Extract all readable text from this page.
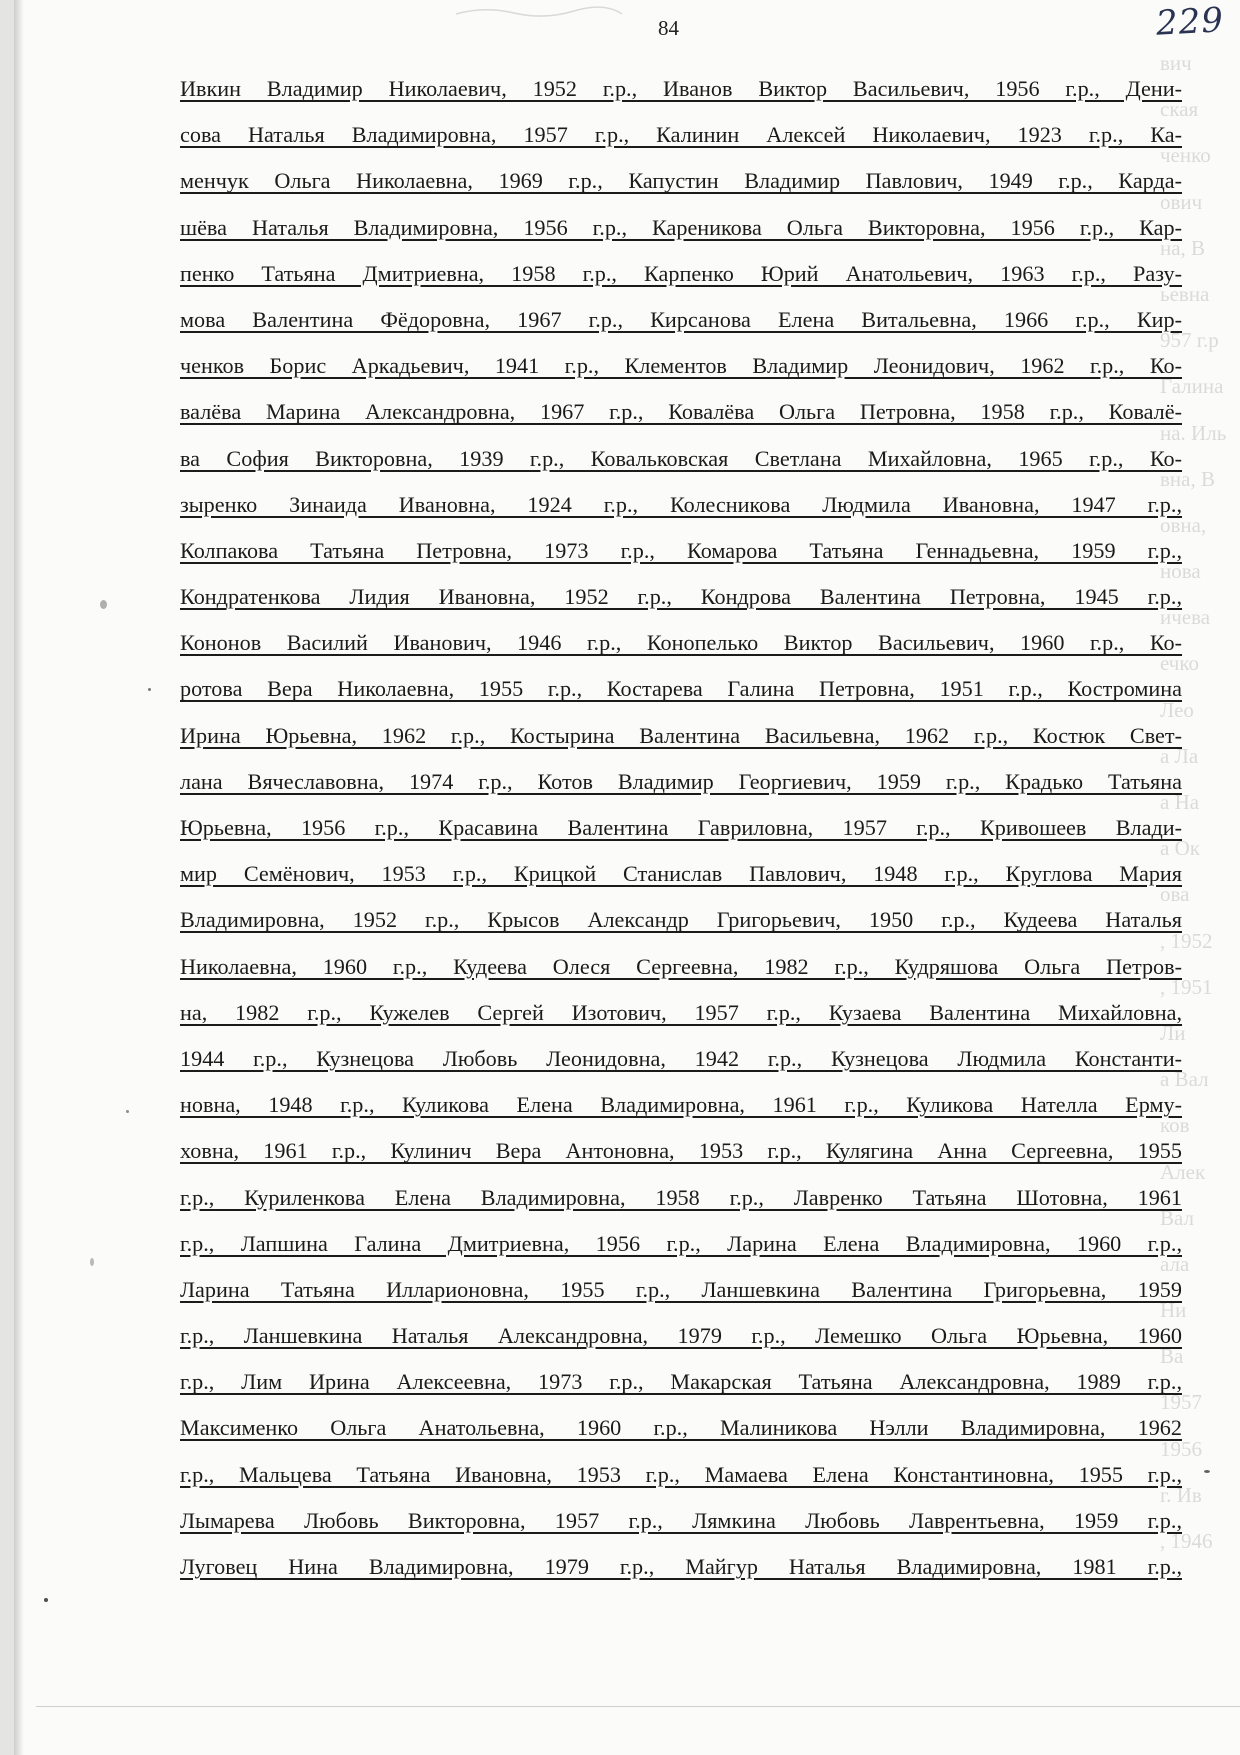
84	229
вич
ская
ченко
ович
на, В
ьевна
957 г.р
Галина
на. Иль
вна, В
овна,
нова
ичева
ечко
Лео
а Ла
а На
а Ок
ова
, 1952
, 1951
Ли
а Вал
ков
Алек
Вал
ала
Ни
Ва
1957
1956
г. Ив
, 1946
Ивкин Владимир Николаевич, 1952 г.р., Иванов Виктор Васильевич, 1956 г.р., Дени-
сова Наталья Владимировна, 1957 г.р., Калинин Алексей Николаевич, 1923 г.р., Ка-
менчук Ольга Николаевна, 1969 г.р., Капустин Владимир Павлович, 1949 г.р., Карда-
шёва Наталья Владимировна, 1956 г.р., Кареникова Ольга Викторовна, 1956 г.р., Кар-
пенко Татьяна Дмитриевна, 1958 г.р., Карпенко Юрий Анатольевич, 1963 г.р., Разу-
мова Валентина Фёдоровна, 1967 г.р., Кирсанова Елена Витальевна, 1966 г.р., Кир-
ченков Борис Аркадьевич, 1941 г.р., Клементов Владимир Леонидович, 1962 г.р., Ко-
валёва Марина Александровна, 1967 г.р., Ковалёва Ольга Петровна, 1958 г.р., Ковалё-
ва София Викторовна, 1939 г.р., Ковальковская Светлана Михайловна, 1965 г.р., Ко-
зыренко Зинаида Ивановна, 1924 г.р., Колесникова Людмила Ивановна, 1947 г.р.,
Колпакова Татьяна Петровна, 1973 г.р., Комарова Татьяна Геннадьевна, 1959 г.р.,
Кондратенкова Лидия Ивановна, 1952 г.р., Кондрова Валентина Петровна, 1945 г.р.,
Кононов Василий Иванович, 1946 г.р., Конопелько Виктор Васильевич, 1960 г.р., Ко-
ротова Вера Николаевна, 1955 г.р., Костарева Галина Петровна, 1951 г.р., Костромина
Ирина Юрьевна, 1962 г.р., Костырина Валентина Васильевна, 1962 г.р., Костюк Свет-
лана Вячеславовна, 1974 г.р., Котов Владимир Георгиевич, 1959 г.р., Крадько Татьяна
Юрьевна, 1956 г.р., Красавина Валентина Гавриловна, 1957 г.р., Кривошеев Влади-
мир Семёнович, 1953 г.р., Крицкой Станислав Павлович, 1948 г.р., Круглова Мария
Владимировна, 1952 г.р., Крысов Александр Григорьевич, 1950 г.р., Кудеева Наталья
Николаевна, 1960 г.р., Кудеева Олеся Сергеевна, 1982 г.р., Кудряшова Ольга Петров-
на, 1982 г.р., Кужелев Сергей Изотович, 1957 г.р., Кузаева Валентина Михайловна,
1944 г.р., Кузнецова Любовь Леонидовна, 1942 г.р., Кузнецова Людмила Константи-
новна, 1948 г.р., Куликова Елена Владимировна, 1961 г.р., Куликова Нателла Ерму-
ховна, 1961 г.р., Кулинич Вера Антоновна, 1953 г.р., Кулягина Анна Сергеевна, 1955
г.р., Куриленкова Елена Владимировна, 1958 г.р., Лавренко Татьяна Шотовна, 1961
г.р., Лапшина Галина Дмитриевна, 1956 г.р., Ларина Елена Владимировна, 1960 г.р.,
Ларина Татьяна Илларионовна, 1955 г.р., Ланшевкина Валентина Григорьевна, 1959
г.р., Ланшевкина Наталья Александровна, 1979 г.р., Лемешко Ольга Юрьевна, 1960
г.р., Лим Ирина Алексеевна, 1973 г.р., Макарская Татьяна Александровна, 1989 г.р.,
Максименко Ольга Анатольевна, 1960 г.р., Малиникова Нэлли Владимировна, 1962
г.р., Мальцева Татьяна Ивановна, 1953 г.р., Мамаева Елена Константиновна, 1955 г.р.,
Лымарева Любовь Викторовна, 1957 г.р., Лямкина Любовь Лаврентьевна, 1959 г.р.,
Луговец Нина Владимировна, 1979 г.р., Майгур Наталья Владимировна, 1981 г.р.,
